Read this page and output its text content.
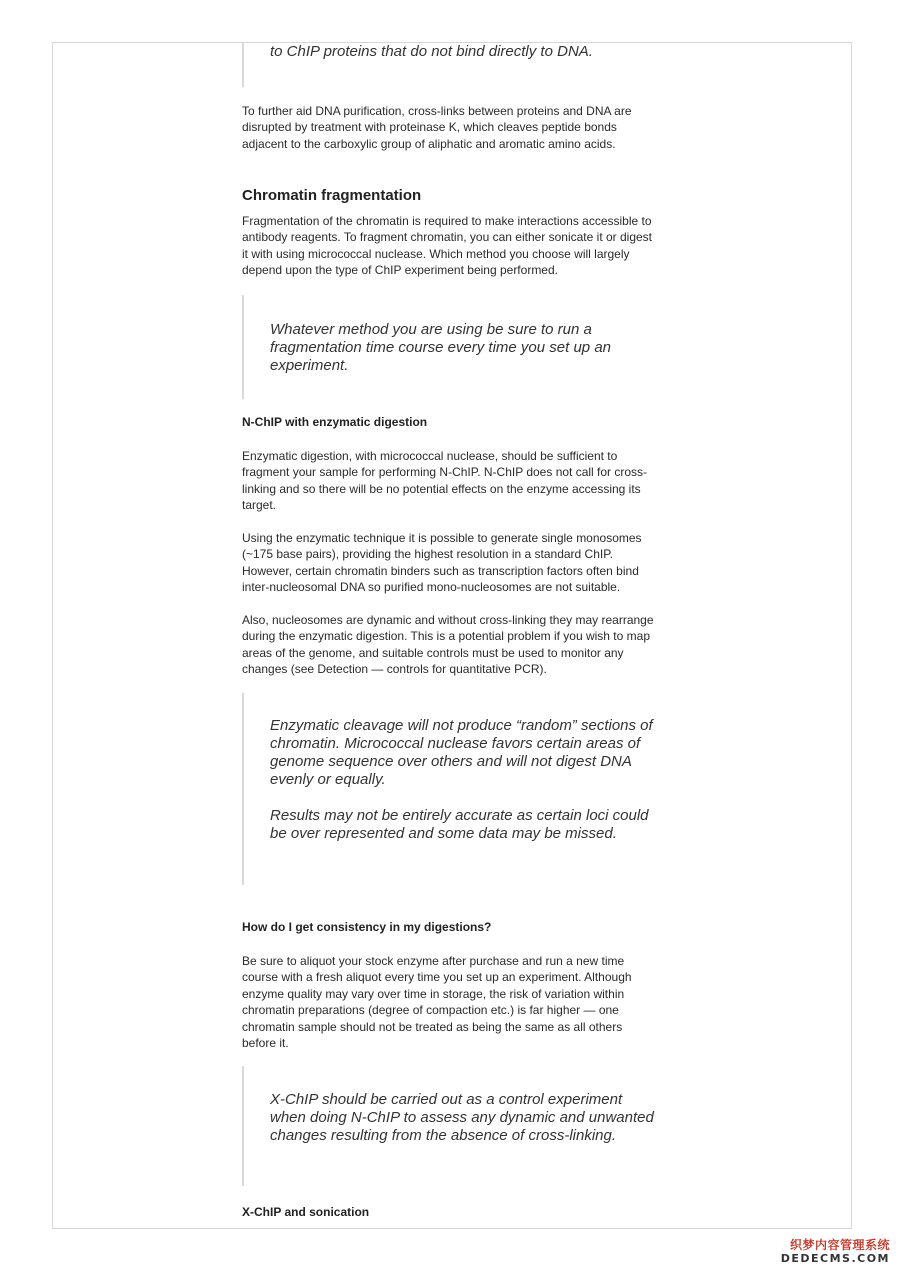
to ChIP proteins that do not bind directly to DNA.

To further aid DNA purification, cross-links between proteins and DNA are disrupted by treatment with proteinase K, which cleaves peptide bonds adjacent to the carboxylic group of aliphatic and aromatic amino acids.

Chromatin fragmentation

Fragmentation of the chromatin is required to make interactions accessible to antibody reagents. To fragment chromatin, you can either sonicate it or digest it with using micrococcal nuclease. Which method you choose will largely depend upon the type of ChIP experiment being performed.

Whatever method you are using be sure to run a fragmentation time course every time you set up an experiment.

N-ChIP with enzymatic digestion

Enzymatic digestion, with micrococcal nuclease, should be sufficient to fragment your sample for performing N-ChIP. N-ChIP does not call for cross-linking and so there will be no potential effects on the enzyme accessing its target.

Using the enzymatic technique it is possible to generate single monosomes (~175 base pairs), providing the highest resolution in a standard ChIP. However, certain chromatin binders such as transcription factors often bind inter-nucleosomal DNA so purified mono-nucleosomes are not suitable.

Also, nucleosomes are dynamic and without cross-linking they may rearrange during the enzymatic digestion. This is a potential problem if you wish to map areas of the genome, and suitable controls must be used to monitor any changes (see Detection — controls for quantitative PCR).

Enzymatic cleavage will not produce “random” sections of chromatin. Micrococcal nuclease favors certain areas of genome sequence over others and will not digest DNA evenly or equally.

Results may not be entirely accurate as certain loci could be over represented and some data may be missed.

How do I get consistency in my digestions?

Be sure to aliquot your stock enzyme after purchase and run a new time course with a fresh aliquot every time you set up an experiment. Although enzyme quality may vary over time in storage, the risk of variation within chromatin preparations (degree of compaction etc.) is far higher — one chromatin sample should not be treated as being the same as all others before it.

X-ChIP should be carried out as a control experiment when doing N-ChIP to assess any dynamic and unwanted changes resulting from the absence of cross-linking.

X-ChIP and sonication

织梦内容管理系统
DEDECMS.COM
